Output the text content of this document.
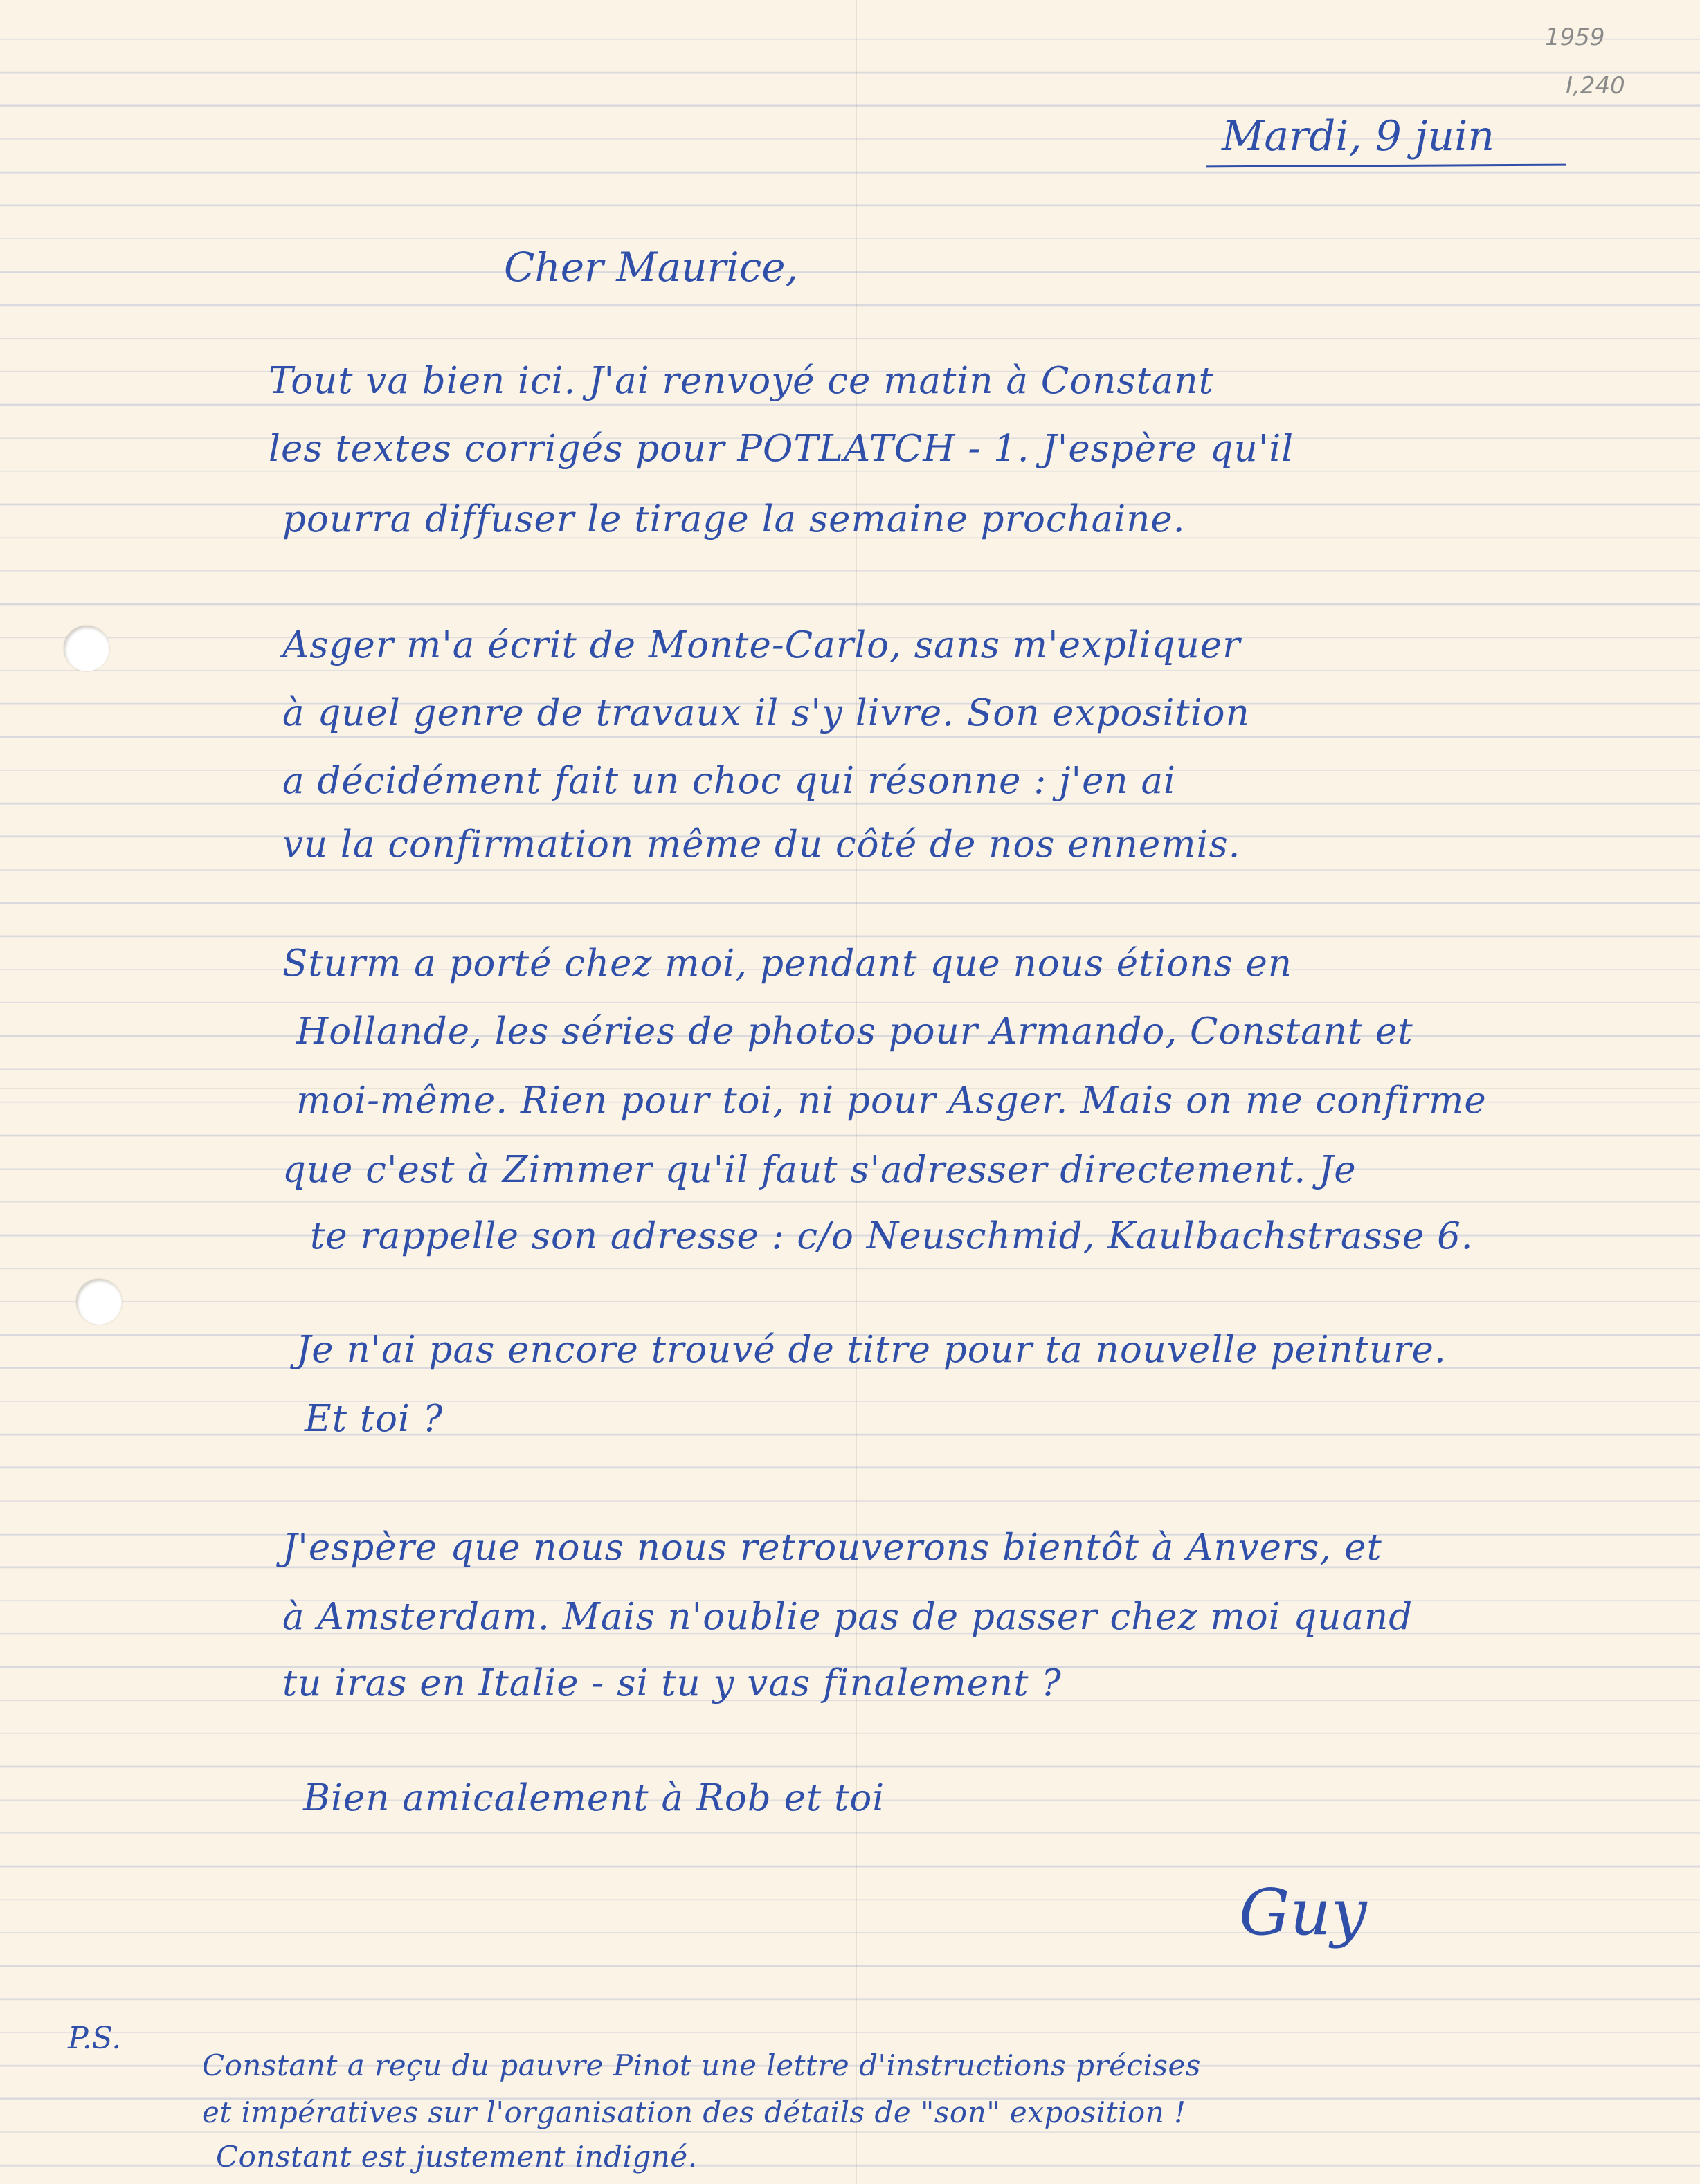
1959
I,240
Mardi, 9 juin
Cher Maurice,
Tout va bien ici. J'ai renvoyé ce matin à Constant
les textes corrigés pour POTLATCH - 1. J'espère qu'il
pourra diffuser le tirage la semaine prochaine.
Asger m'a écrit de Monte-Carlo, sans m'expliquer
à quel genre de travaux il s'y livre. Son exposition
a décidément fait un choc qui résonne : j'en ai
vu la confirmation même du côté de nos ennemis.
Sturm a porté chez moi, pendant que nous étions en
Hollande, les séries de photos pour Armando, Constant et
moi-même. Rien pour toi, ni pour Asger. Mais on me confirme
que c'est à Zimmer qu'il faut s'adresser directement. Je
te rappelle son adresse : c/o Neuschmid, Kaulbachstrasse 6.
Je n'ai pas encore trouvé de titre pour ta nouvelle peinture.
Et toi ?
J'espère que nous nous retrouverons bientôt à Anvers, et
à Amsterdam. Mais n'oublie pas de passer chez moi quand
tu iras en Italie - si tu y vas finalement ?
Bien amicalement à Rob et toi
Guy
P.S.
Constant a reçu du pauvre Pinot une lettre d'instructions précises
et impératives sur l'organisation des détails de "son" exposition !
Constant est justement indigné.
